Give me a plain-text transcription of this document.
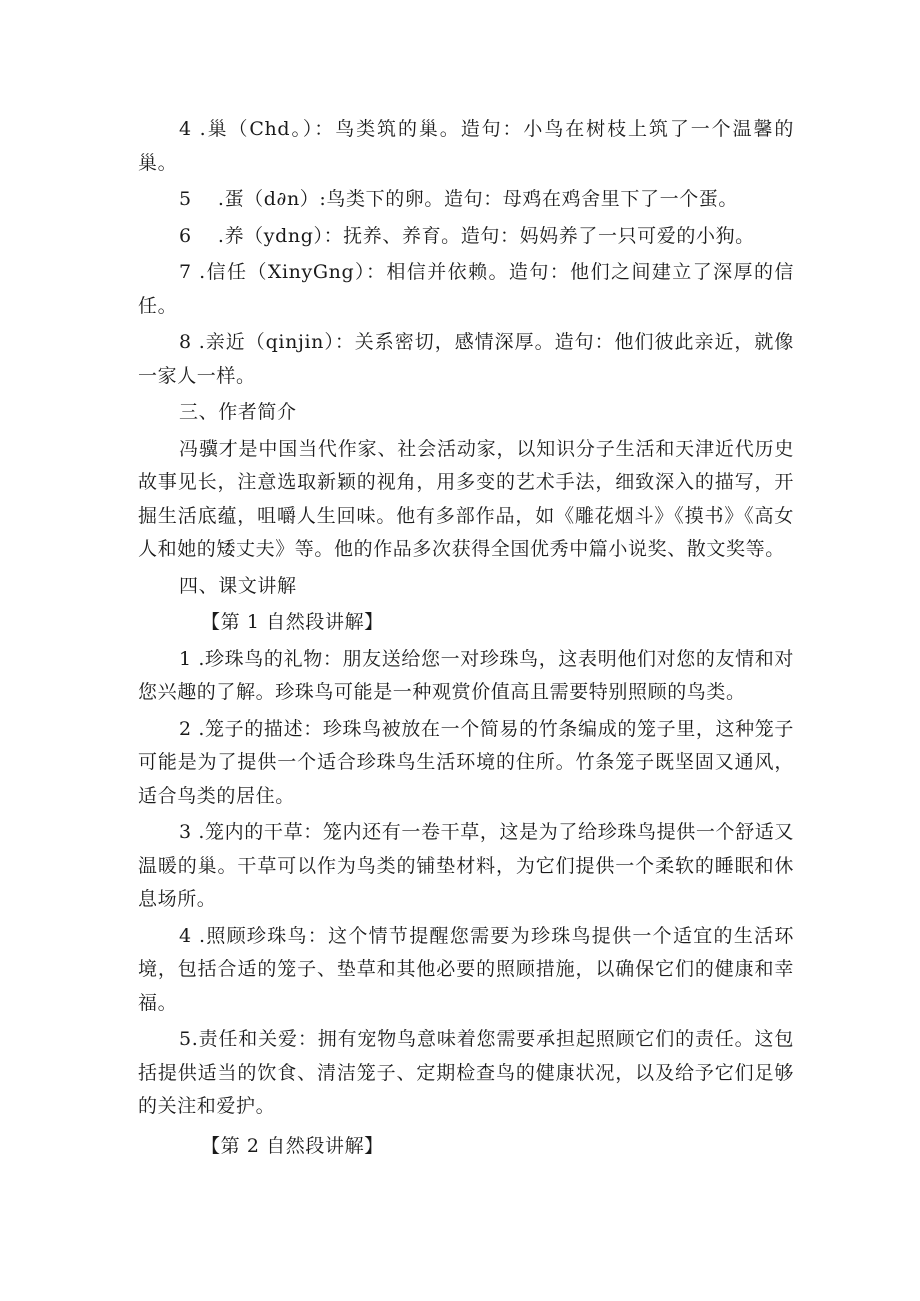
4 .巢（Chd。）：鸟类筑的巢。造句：小鸟在树枝上筑了一个温馨的巢。

5　 .蛋（d∂n）:鸟类下的卵。造句：母鸡在鸡舍里下了一个蛋。

6　 .养（ydng）：抚养、养育。造句：妈妈养了一只可爱的小狗。

7 .信任（XinyGng）：相信并依赖。造句：他们之间建立了深厚的信任。

8 .亲近（qinjin）：关系密切，感情深厚。造句：他们彼此亲近，就像一家人一样。

三、作者简介

冯骥才是中国当代作家、社会活动家，以知识分子生活和天津近代历史故事见长，注意选取新颖的视角，用多变的艺术手法，细致深入的描写，开掘生活底蕴，咀嚼人生回味。他有多部作品，如《雕花烟斗》《摸书》《高女人和她的矮丈夫》等。他的作品多次获得全国优秀中篇小说奖、散文奖等。

四、课文讲解

【第 1 自然段讲解】

1 .珍珠鸟的礼物：朋友送给您一对珍珠鸟，这表明他们对您的友情和对您兴趣的了解。珍珠鸟可能是一种观赏价值高且需要特别照顾的鸟类。

2 .笼子的描述：珍珠鸟被放在一个简易的竹条编成的笼子里，这种笼子可能是为了提供一个适合珍珠鸟生活环境的住所。竹条笼子既坚固又通风，适合鸟类的居住。

3 .笼内的干草：笼内还有一卷干草，这是为了给珍珠鸟提供一个舒适又温暖的巢。干草可以作为鸟类的铺垫材料，为它们提供一个柔软的睡眠和休息场所。

4 .照顾珍珠鸟：这个情节提醒您需要为珍珠鸟提供一个适宜的生活环境，包括合适的笼子、垫草和其他必要的照顾措施，以确保它们的健康和幸福。

5.责任和关爱：拥有宠物鸟意味着您需要承担起照顾它们的责任。这包括提供适当的饮食、清洁笼子、定期检查鸟的健康状况，以及给予它们足够的关注和爱护。

【第 2 自然段讲解】
